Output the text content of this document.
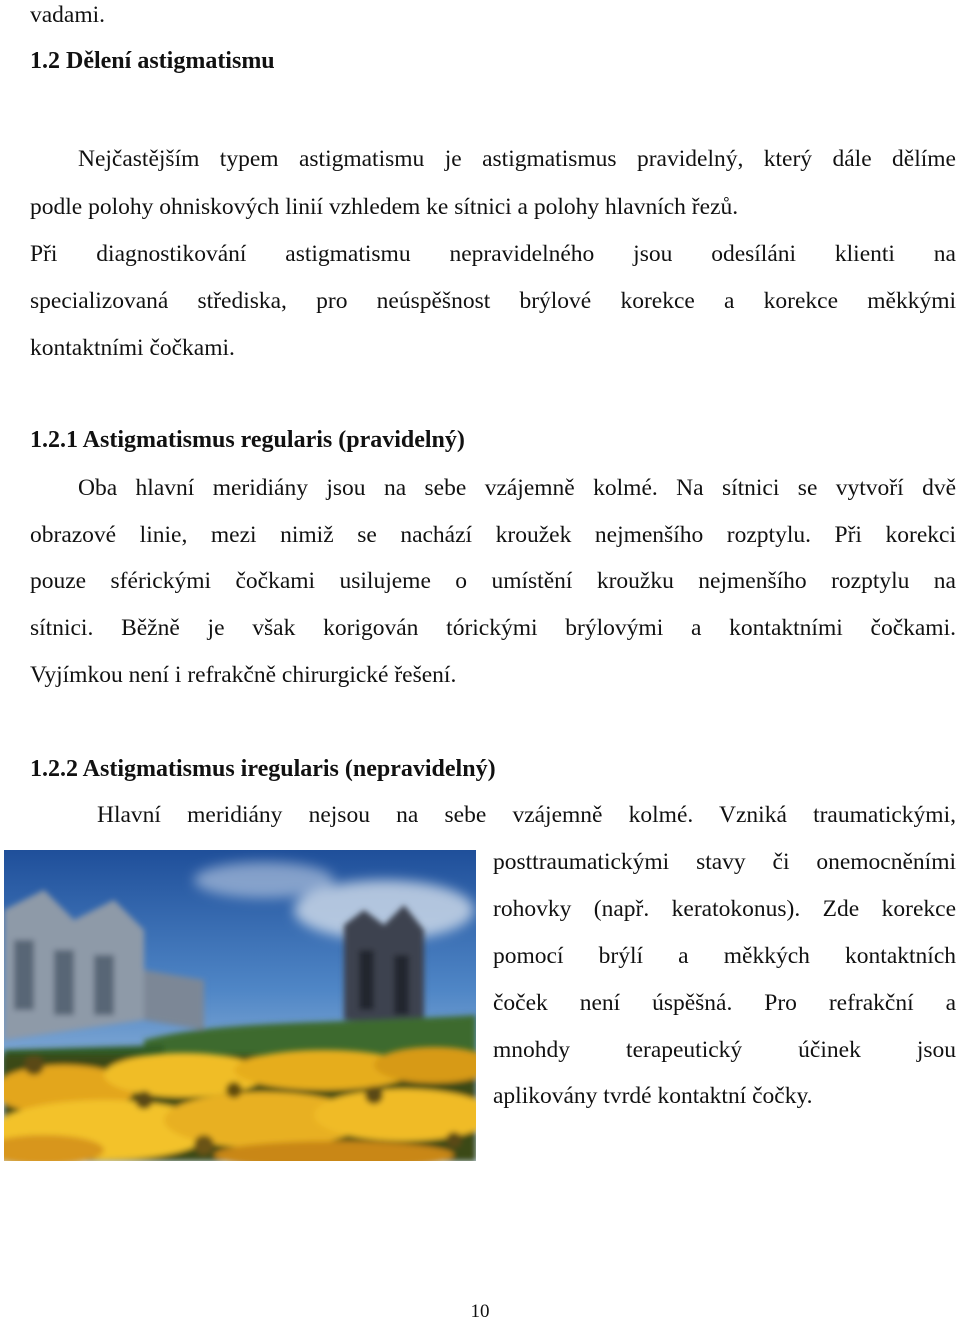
vadami.
1.2 Dělení astigmatismu
Nejčastějším typem astigmatismu je astigmatismus pravidelný, který dále dělíme
podle polohy ohniskových linií vzhledem ke sítnici a polohy hlavních řezů.
Při diagnostikování astigmatismu nepravidelného jsou odesíláni klienti na
specializovaná střediska, pro neúspěšnost brýlové korekce a korekce měkkými
kontaktními čočkami.
1.2.1 Astigmatismus regularis (pravidelný)
Oba hlavní meridiány jsou na sebe vzájemně kolmé. Na sítnici se vytvoří dvě
obrazové linie, mezi nimiž se nachází kroužek nejmenšího rozptylu. Při korekci
pouze sférickými čočkami usilujeme o umístění kroužku nejmenšího rozptylu na
sítnici. Běžně je však korigován tórickými brýlovými a kontaktními čočkami.
Vyjímkou není i refrakčně chirurgické řešení.
1.2.2 Astigmatismus iregularis (nepravidelný)
Hlavní meridiány nejsou na sebe vzájemně kolmé. Vzniká traumatickými,
posttraumatickými stavy či onemocněními
rohovky (např. keratokonus). Zde korekce
pomocí brýlí a měkkých kontaktních
čoček není úspěšná. Pro refrakční a
mnohdy terapeutický účinek jsou
aplikovány tvrdé kontaktní čočky.
10
